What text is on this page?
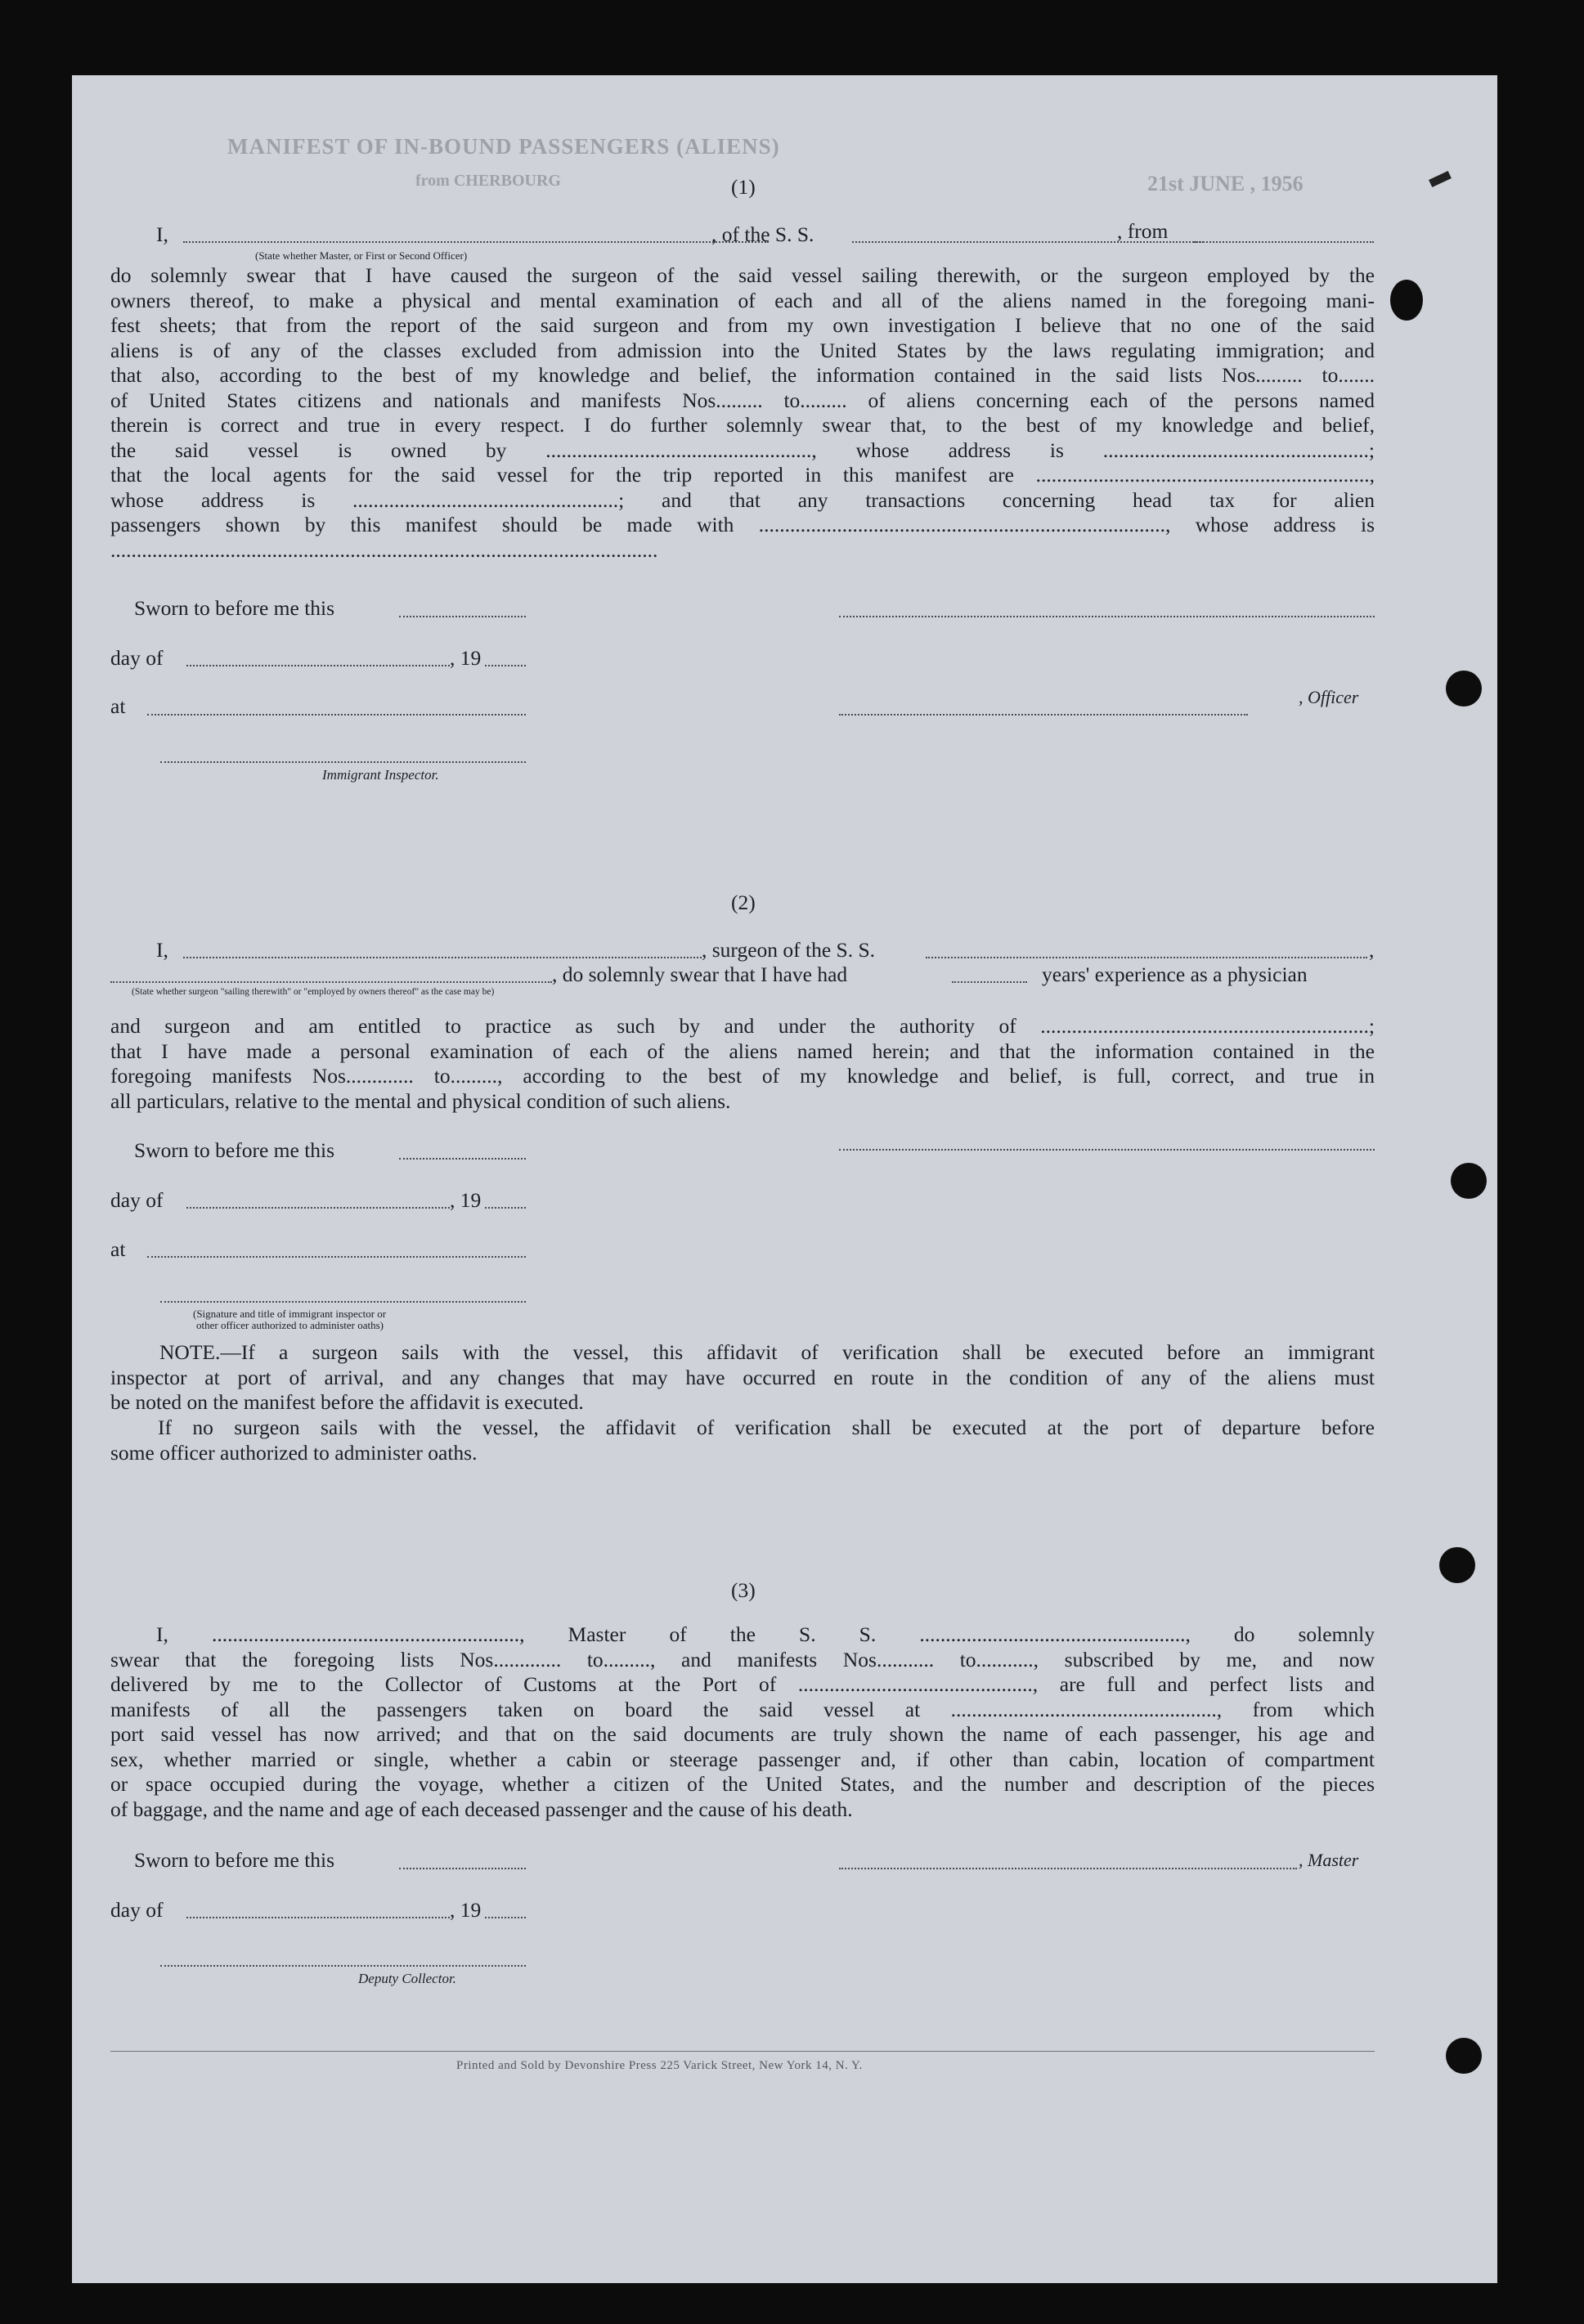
MANIFEST OF IN-BOUND PASSENGERS (ALIENS)
21st JUNE , 1956
from CHERBOURG	(1)
I,	, of the S. S.	, from
(State whether Master, or First or Second Officer)
do solemnly swear that I have caused the surgeon of the said vessel sailing therewith, or the surgeon employed by the
owners thereof, to make a physical and mental examination of each and all of the aliens named in the foregoing mani-
fest sheets; that from the report of the said surgeon and from my own investigation I believe that no one of the said
aliens is of any of the classes excluded from admission into the United States by the laws regulating immigration; and
that also, according to the best of my knowledge and belief, the information contained in the said lists Nos......... to.......
of United States citizens and nationals and manifests Nos......... to......... of aliens concerning each of the persons named
therein is correct and true in every respect. I do further solemnly swear that, to the best of my knowledge and belief,
the said vessel is owned by ..................................................., whose address is ...................................................;
that the local agents for the said vessel for the trip reported in this manifest are ................................................................,
whose address is ...................................................; and that any transactions concerning head tax for alien
passengers shown by this manifest should be made with .............................................................................., whose address is
.........................................................................................................
Sworn to before me this
day of	, 19
at	, Officer
Immigrant Inspector.
(2)
I,	, surgeon of the S. S.	,
, do solemnly swear that I have had	years' experience as a physician
(State whether surgeon "sailing therewith" or "employed by owners thereof" as the case may be)
and surgeon and am entitled to practice as such by and under the authority of ...............................................................;
that I have made a personal examination of each of the aliens named herein; and that the information contained in the
foregoing manifests Nos............. to........., according to the best of my knowledge and belief, is full, correct, and true in
all particulars, relative to the mental and physical condition of such aliens.
Sworn to before me this
day of	, 19
at
(Signature and title of immigrant inspector or
other officer authorized to administer oaths)
NOTE.—If a surgeon sails with the vessel, this affidavit of verification shall be executed before an immigrant
inspector at port of arrival, and any changes that may have occurred en route in the condition of any of the aliens must
be noted on the manifest before the affidavit is executed.
If no surgeon sails with the vessel, the affidavit of verification shall be executed at the port of departure before
some officer authorized to administer oaths.
(3)
I, ..........................................................., Master of the S. S. ..................................................., do solemnly
swear that the foregoing lists Nos............. to........., and manifests Nos........... to..........., subscribed by me, and now
delivered by me to the Collector of Customs at the Port of ............................................., are full and perfect lists and
manifests of all the passengers taken on board the said vessel at ..................................................., from which
port said vessel has now arrived; and that on the said documents are truly shown the name of each passenger, his age and
sex, whether married or single, whether a cabin or steerage passenger and, if other than cabin, location of compartment
or space occupied during the voyage, whether a citizen of the United States, and the number and description of the pieces
of baggage, and the name and age of each deceased passenger and the cause of his death.
Sworn to before me this	, Master
day of	, 19
Deputy Collector.
Printed and Sold by Devonshire Press 225 Varick Street, New York 14, N. Y.
